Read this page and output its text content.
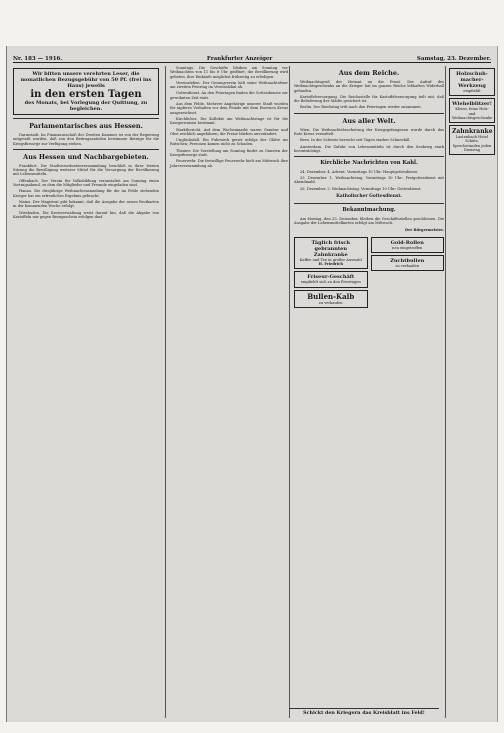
Nr. 183 — 1916.	Frankfurter Anzeiger	Samstag, 23. Dezember.
Wir bitten unsere verehrten Leser, die monatlichen Bezugsgebühr von 50 Pf. (frei ins Haus) jeweils
in den ersten Tagen
des Monats, bei Vorlegung der Quittung, zu begleichen.
Parlamentarisches aus Hessen.
Darmstadt. Im Finanzausschuß der Zweiten Kammer ist von der Regierung mitgeteilt worden, daß von den Beitragsanteilen bestimmte Beträge für die Kriegsfürsorge zur Verfügung stehen.
Aus Hessen und Nachbargebieten.
Frankfurt. Die Stadtverordnetenversammlung beschloß in ihrer letzten Sitzung die Bewilligung weiterer Mittel für die Versorgung der Bevölkerung mit Lebensmitteln.
Offenbach. Der Verein für Volksbildung veranstaltet am Sonntag einen Vortragsabend, zu dem die Mitglieder und Freunde eingeladen sind.
Hanau. Die diesjährige Weihnachtssammlung für die im Felde stehenden Krieger hat ein erfreuliches Ergebnis gebracht.
Mainz. Der Magistrat gibt bekannt, daß die Ausgabe der neuen Brotkarten in der kommenden Woche erfolgt.
Wiesbaden. Die Kreisverwaltung weist darauf hin, daß die Abgabe von Kartoffeln nur gegen Bezugsschein erfolgen darf.
Sonntags. Die Geschäfte bleiben am Sonntag vor Weihnachten von 11 bis 6 Uhr geöffnet; die Bevölkerung wird gebeten, ihre Einkäufe möglichst frühzeitig zu erledigen.
Vereinsleben. Der Gesangverein hält seine Weihnachtsfeier am zweiten Feiertag im Vereinslokal ab.
Gottesdienst. An den Feiertagen finden die Gottesdienste zur gewohnten Zeit statt.
Aus dem Felde. Mehrere Angehörige unserer Stadt wurden für tapferes Verhalten vor dem Feinde mit dem Eisernen Kreuz ausgezeichnet.
Kirchliches. Die Kollekte am Weihnachtstage ist für die Kriegerwaisen bestimmt.
Marktbericht. Auf dem Wochenmarkt waren Gemüse und Obst reichlich angefahren; die Preise blieben unverändert.
Unglücksfall. Ein Fuhrwerk geriet infolge der Glätte ins Rutschen; Personen kamen nicht zu Schaden.
Theater. Die Vorstellung am Sonntag findet zu Gunsten der Kriegsfürsorge statt.
Feuerwehr. Die freiwillige Feuerwehr hielt am Mittwoch ihre Jahresversammlung ab.
Aus dem Reiche.
Weihnachtsgruß der Heimat an die Front. Der Aufruf des Weihnachtsgeschenks an die Krieger hat im ganzen Reiche lebhaften Widerhall gefunden.
Kartoffelversorgung. Die Reichsstelle für Kartoffelversorgung teilt mit, daß die Belieferung der Städte gesichert ist.
Berlin. Der Reichstag tritt nach den Feiertagen wieder zusammen.
Aus aller Welt.
Wien. Die Weihnachtsbescherung der Kriegsgefangenen wurde durch das Rote Kreuz vermittelt.
Bern. In der Schweiz herrscht seit Tagen starker Schneefall.
Amsterdam. Die Zufuhr von Lebensmitteln ist durch den Seekrieg stark beeinträchtigt.
Kirchliche Nachrichten von Kahl.
24. Dezember. 4. Advent. Vormittags 10 Uhr: Hauptgottesdienst.
25. Dezember. 1. Weihnachtstag. Vormittags 10 Uhr: Festgottesdienst mit Abendmahl.
26. Dezember. 2. Weihnachtstag. Vormittags 10 Uhr: Gottesdienst.
Katholischer Gottesdienst.
Bekanntmachung.
Am Montag, den 25. Dezember, bleiben die Geschäftsstellen geschlossen. Die Ausgabe der Lebensmittelkarten erfolgt am Mittwoch.
Der Bürgermeister.
Täglich frisch gebrannten Zahnkranke
Kaffee und Tee in großer Auswahl
H. Friedrich
Friseur-Geschäft
empfiehlt sich zu den Feiertagen
Bullen-Kalb
zu verkaufen
Gold-Rollen
neu eingetroffen
Zuchtbullen
zu verkaufen
Holzschuh-macher-Werkzeug
empfiehlt
Wiehelblitzer!
Kleine, feine Holz- und Weihnachtsgeschenke
Zahnkranke
Lastenbach Hotel Schütz. Sprechstunden jeden Dienstag
Schickt den Kriegern das Kreisblatt ins Feld!
